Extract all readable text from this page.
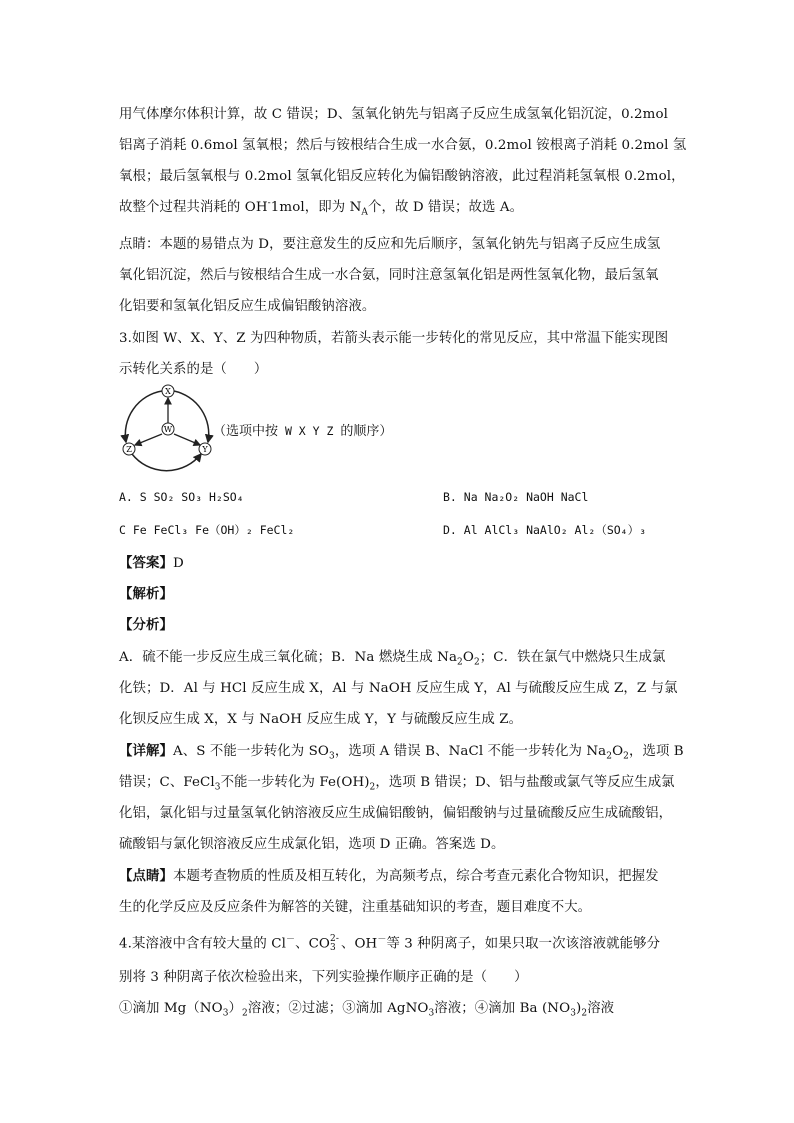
用气体摩尔体积计算，故 C 错误；D、氢氧化钠先与铝离子反应生成氢氧化铝沉淀，0.2mol
铝离子消耗 0.6mol 氢氧根；然后与铵根结合生成一水合氨，0.2mol 铵根离子消耗 0.2mol 氢
氧根；最后氢氧根与 0.2mol 氢氧化铝反应转化为偏铝酸钠溶液，此过程消耗氢氧根 0.2mol，
故整个过程共消耗的 OH-1mol，即为 $N_A$个，故 D 错误；故选 A。
点睛：本题的易错点为 D，要注意发生的反应和先后顺序，氢氧化钠先与铝离子反应生成氢
氧化铝沉淀，然后与铵根结合生成一水合氨，同时注意氢氧化铝是两性氢氧化物，最后氢氧
化铝要和氢氧化铝反应生成偏铝酸钠溶液。
3.如图 W、X、Y、Z 为四种物质，若箭头表示能一步转化的常见反应，其中常温下能实现图
示转化关系的是（　　）
X
W
Z	Y
（选项中按 W X Y Z 的顺序）
A. S SO₂ SO₃ H₂SO₄	B. Na Na₂O₂ NaOH NaCl
C Fe FeCl₃ Fe（OH）₂ FeCl₂	D. Al AlCl₃ NaAlO₂ Al₂（SO₄）₃
【答案】D
【解析】
【分析】
A．硫不能一步反应生成三氧化硫；B．Na 燃烧生成 $Na_2O_2$；C．铁在氯气中燃烧只生成氯
化铁；D．Al 与 HCl 反应生成 X，Al 与 NaOH 反应生成 Y，Al 与硫酸反应生成 Z，Z 与氯
化钡反应生成 X，X 与 NaOH 反应生成 Y，Y 与硫酸反应生成 Z。
【详解】A、S 不能一步转化为 $SO_3$，选项 A 错误 B、NaCl 不能一步转化为 $Na_2O_2$，选项 B
错误；C、FeCl$_3$不能一步转化为 $Fe(OH)_2$，选项 B 错误；D、铝与盐酸或氯气等反应生成氯
化铝，氯化铝与过量氢氧化钠溶液反应生成偏铝酸钠，偏铝酸钠与过量硫酸反应生成硫酸铝，
硫酸铝与氯化钡溶液反应生成氯化铝，选项 D 正确。答案选 D。
【点睛】本题考查物质的性质及相互转化，为高频考点，综合考查元素化合物知识，把握发
生的化学反应及反应条件为解答的关键，注重基础知识的考查，题目难度不大。
4.某溶液中含有较大量的 Cl－、CO 2-
3 、OH－等 3 种阴离子，如果只取一次该溶液就能够分
别将 3 种阴离子依次检验出来，下列实验操作顺序正确的是（　　）
①滴加 $Mg(NO_3)_2$溶液；②过滤；③滴加 AgNO$_3$溶液；④滴加 Ba $(NO_3)_2$溶液
